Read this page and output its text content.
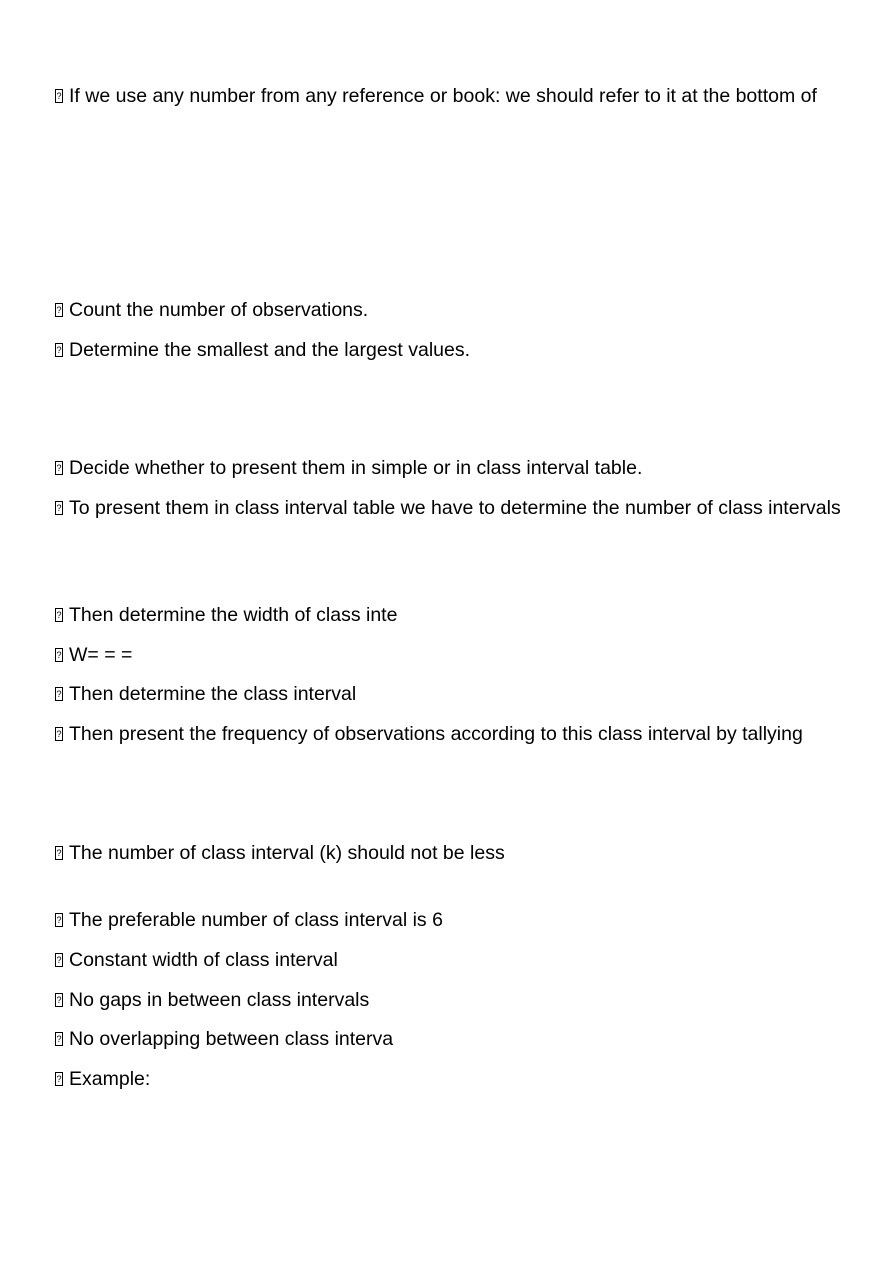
?
If we use any number from any reference or book: we should refer to it at the bottom of
?
Count the number of observations.
?
Determine the smallest and the largest values.
?
Decide whether to present them in simple or in class interval table.
?
To present them in class interval table we have to determine the number of class intervals
?
Then determine the width of class inte
?
W= = =
?
Then determine the class interval
?
Then present the frequency of observations according to this class interval by tallying
?
The number of class interval (k) should not be less
?
The preferable number of class interval is 6
?
Constant width of class interval
?
No gaps in between class intervals
?
No overlapping between class interva
?
Example:
